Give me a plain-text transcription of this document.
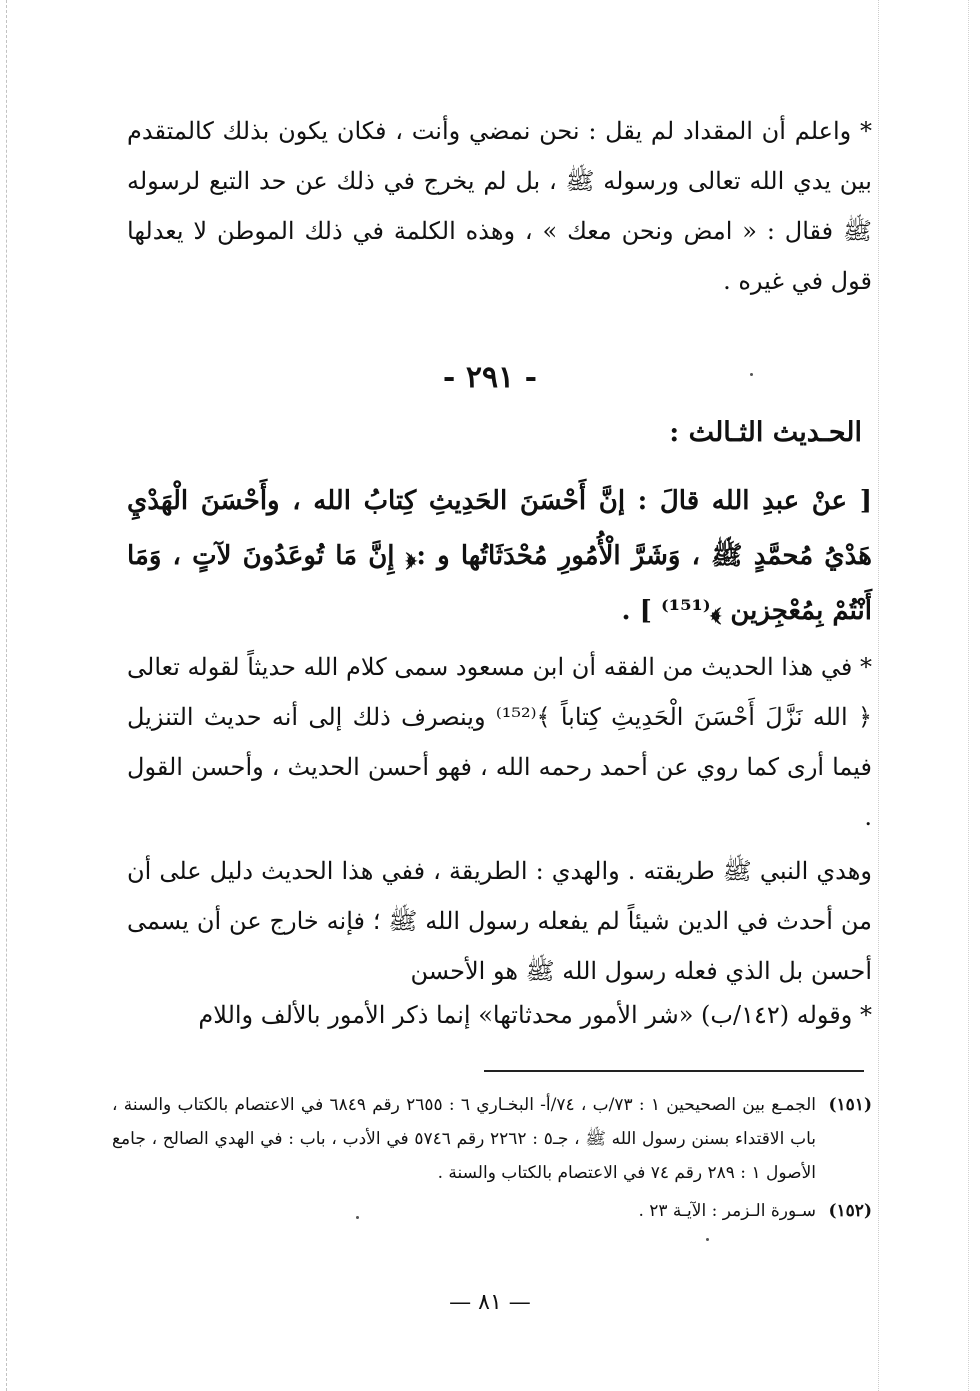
* واعلم أن المقداد لم يقل : نحن نمضي وأنت ، فكان يكون بذلك كالمتقدم بين يدي الله تعالى ورسوله ﷺ ، بل لم يخرج في ذلك عن حد التبع لرسوله ﷺ فقال : « امض ونحن معك » ، وهذه الكلمة في ذلك الموطن لا يعدلها قول في غيره .

- ٢٩١ -
الحـديث الثـالث :

[ عنْ عبدِ الله قالَ : إنَّ أَحْسَنَ الحَدِيثِ كِتابُ الله ، وأَحْسَنَ الْهَدْيِ هَدْيُ مُحمَّدٍ ﷺ ، وَشَرَّ الْأُمُورِ مُحْدَثَاتُها و :﴿ إِنَّ مَا تُوعَدُونَ لآتٍ ، وَمَا أَنْتُمْ بِمُعْجِزين ﴾⁽¹⁵¹⁾ ] .

* في هذا الحديث من الفقه أن ابن مسعود سمى كلام الله حديثاً لقوله تعالى ﴿ الله نَزَّلَ أَحْسَنَ الْحَدِيثِ كِتاباً ﴾⁽¹⁵²⁾ وينصرف ذلك إلى أنه حديث التنزيل فيما أرى كما روي عن أحمد رحمه الله ، فهو أحسن الحديث ، وأحسن القول .

وهدي النبي ﷺ طريقته . والهدي : الطريقة ، ففي هذا الحديث دليل على أن من أحدث في الدين شيئاً لم يفعله رسول الله ﷺ ؛ فإنه خارج عن أن يسمى أحسن بل الذي فعله رسول الله ﷺ هو الأحسن

* وقوله (١٤٢/ب) «شر الأمور محدثاتها» إنما ذكر الأمور بالألف واللام

(١٥١)
الجمـع بين الصحيحين ١ : ٧٣/ب ، ٧٤/أ- البخـاري ٦ : ٢٦٥٥ رقم ٦٨٤٩ في الاعتصام بالكتاب والسنة ، باب الاقتداء بسنن رسول الله ﷺ ، جـ٥ : ٢٢٦٢ رقم ٥٧٤٦ في الأدب ، باب : في الهدي الصالح ، جامع الأصول ١ : ٢٨٩ رقم ٧٤ في الاعتصام بالكتاب والسنة .
(١٥٢)
سـورة الـزمر : الآيـة ٢٣ .
— ٨١ —
